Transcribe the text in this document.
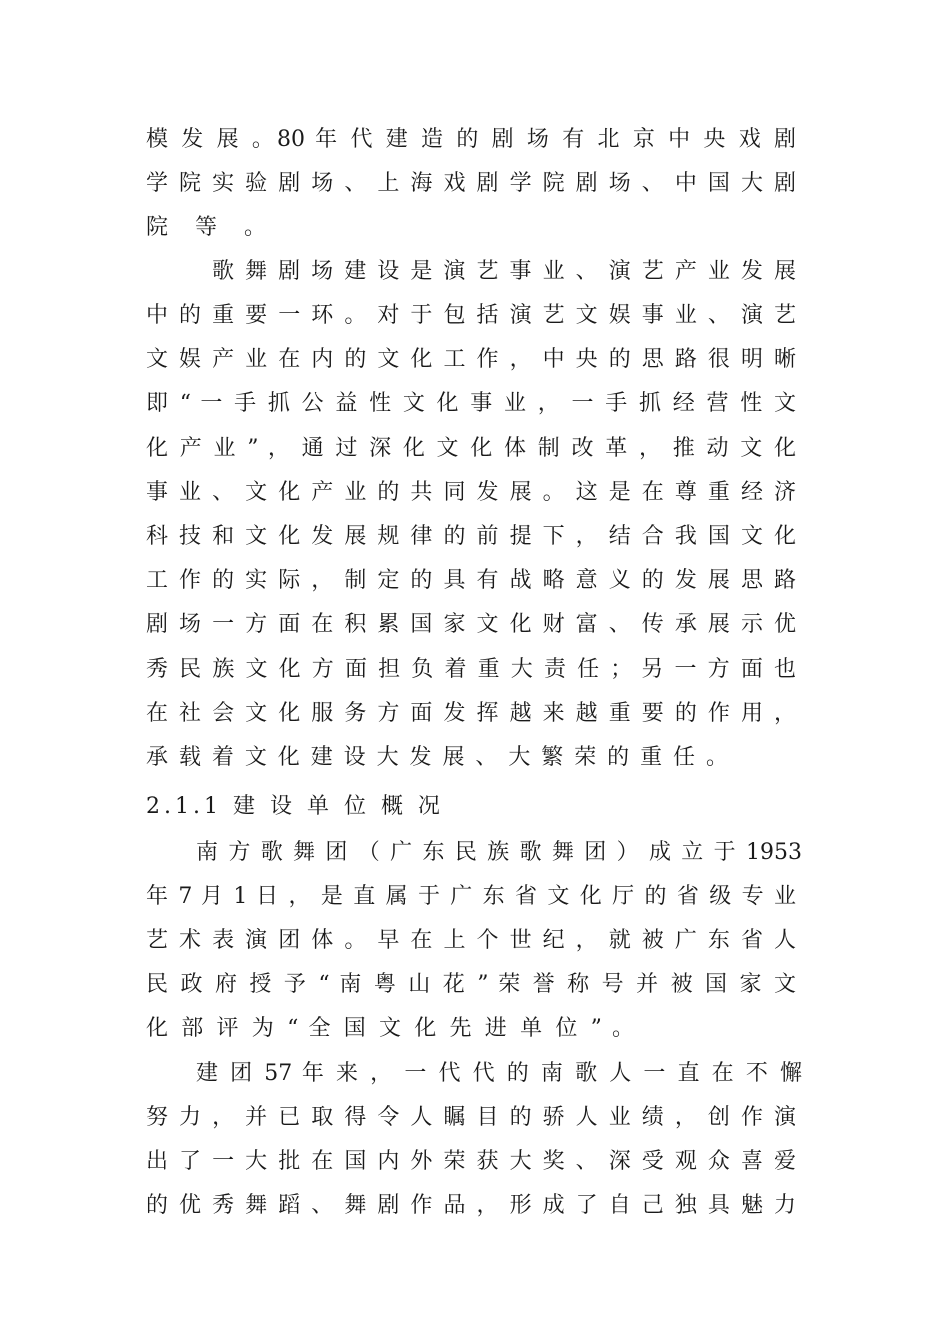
模 发 展 。80 年 代 建 造 的 剧 场 有 北 京 中 央 戏 剧
学 院 实 验 剧 场 、 上 海 戏 剧 学 院 剧 场 、 中 国 大 剧
院 等 。
歌 舞 剧 场 建 设 是 演 艺 事 业 、 演 艺 产 业 发 展
中 的 重 要 一 环 。 对 于 包 括 演 艺 文 娱 事 业 、 演 艺
文 娱 产 业 在 内 的 文 化 工 作 ， 中 央 的 思 路 很 明 晰
即 “ 一 手 抓 公 益 性 文 化 事 业 ， 一 手 抓 经 营 性 文
化 产 业 ” ， 通 过 深 化 文 化 体 制 改 革 ， 推 动 文 化
事 业 、 文 化 产 业 的 共 同 发 展 。 这 是 在 尊 重 经 济
科 技 和 文 化 发 展 规 律 的 前 提 下 ， 结 合 我 国 文 化
工 作 的 实 际 ， 制 定 的 具 有 战 略 意 义 的 发 展 思 路
剧 场 一 方 面 在 积 累 国 家 文 化 财 富 、 传 承 展 示 优
秀 民 族 文 化 方 面 担 负 着 重 大 责 任 ； 另 一 方 面 也
在 社 会 文 化 服 务 方 面 发 挥 越 来 越 重 要 的 作 用 ，
承 载 着 文 化 建 设 大 发 展 、 大 繁 荣 的 重 任 。
2.1.1 建 设 单 位 概 况
南 方 歌 舞 团 （ 广 东 民 族 歌 舞 团 ） 成 立 于 1953
年 7 月 1 日 ， 是 直 属 于 广 东 省 文 化 厅 的 省 级 专 业
艺 术 表 演 团 体 。 早 在 上 个 世 纪 ， 就 被 广 东 省 人
民 政 府 授 予 “ 南 粤 山 花 ” 荣 誉 称 号 并 被 国 家 文
化 部 评 为 “ 全 国 文 化 先 进 单 位 ” 。
建 团 57 年 来 ， 一 代 代 的 南 歌 人 一 直 在 不 懈
努 力 ， 并 已 取 得 令 人 瞩 目 的 骄 人 业 绩 ， 创 作 演
出 了 一 大 批 在 国 内 外 荣 获 大 奖 、 深 受 观 众 喜 爱
的 优 秀 舞 蹈 、 舞 剧 作 品 ， 形 成 了 自 己 独 具 魅 力
